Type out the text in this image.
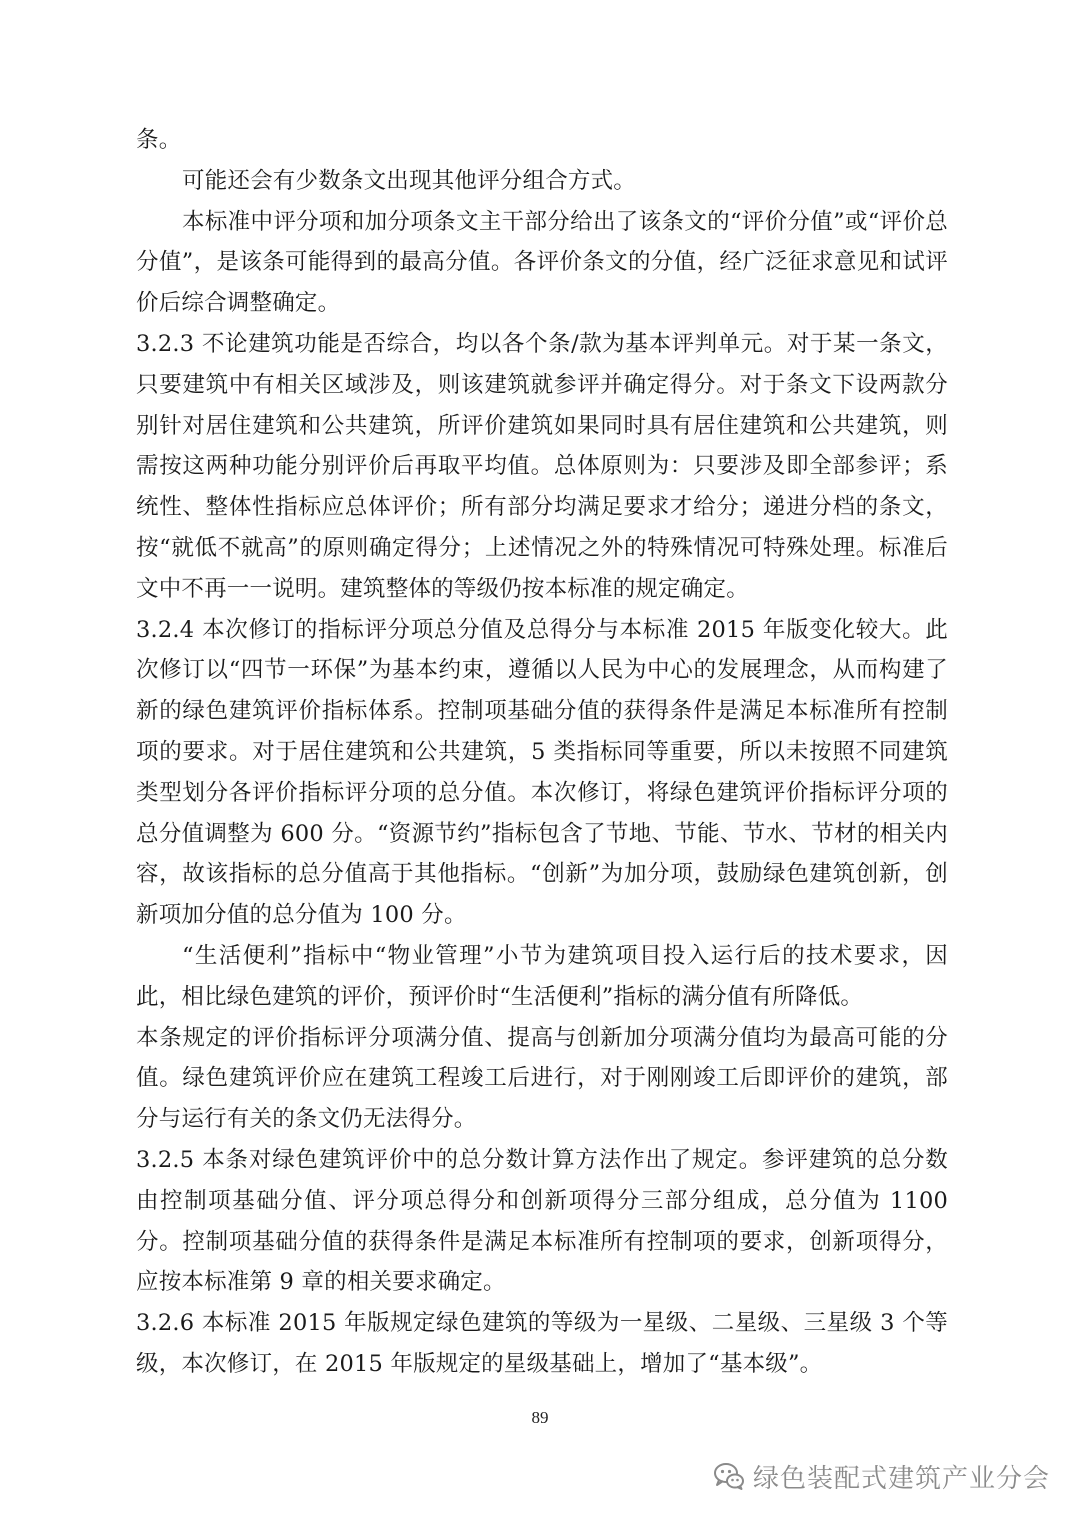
条。

可能还会有少数条文出现其他评分组合方式。

本标准中评分项和加分项条文主干部分给出了该条文的“评价分值”或“评价总分值”，是该条可能得到的最高分值。各评价条文的分值，经广泛征求意见和试评价后综合调整确定。

3.2.3 不论建筑功能是否综合，均以各个条/款为基本评判单元。对于某一条文，只要建筑中有相关区域涉及，则该建筑就参评并确定得分。对于条文下设两款分别针对居住建筑和公共建筑，所评价建筑如果同时具有居住建筑和公共建筑，则需按这两种功能分别评价后再取平均值。总体原则为：只要涉及即全部参评；系统性、整体性指标应总体评价；所有部分均满足要求才给分；递进分档的条文，按“就低不就高”的原则确定得分；上述情况之外的特殊情况可特殊处理。标准后文中不再一一说明。建筑整体的等级仍按本标准的规定确定。

3.2.4 本次修订的指标评分项总分值及总得分与本标准 2015 年版变化较大。此次修订以“四节一环保”为基本约束，遵循以人民为中心的发展理念，从而构建了新的绿色建筑评价指标体系。控制项基础分值的获得条件是满足本标准所有控制项的要求。对于居住建筑和公共建筑，5 类指标同等重要，所以未按照不同建筑类型划分各评价指标评分项的总分值。本次修订，将绿色建筑评价指标评分项的总分值调整为 600 分。“资源节约”指标包含了节地、节能、节水、节材的相关内容，故该指标的总分值高于其他指标。“创新”为加分项，鼓励绿色建筑创新，创新项加分值的总分值为 100 分。

“生活便利”指标中“物业管理”小节为建筑项目投入运行后的技术要求，因此，相比绿色建筑的评价，预评价时“生活便利”指标的满分值有所降低。

本条规定的评价指标评分项满分值、提高与创新加分项满分值均为最高可能的分值。绿色建筑评价应在建筑工程竣工后进行，对于刚刚竣工后即评价的建筑，部分与运行有关的条文仍无法得分。

3.2.5 本条对绿色建筑评价中的总分数计算方法作出了规定。参评建筑的总分数由控制项基础分值、评分项总得分和创新项得分三部分组成，总分值为 1100 分。控制项基础分值的获得条件是满足本标准所有控制项的要求，创新项得分，应按本标准第 9 章的相关要求确定。

3.2.6 本标准 2015 年版规定绿色建筑的等级为一星级、二星级、三星级 3 个等级，本次修订，在 2015 年版规定的星级基础上，增加了“基本级”。

89
绿色装配式建筑产业分会
